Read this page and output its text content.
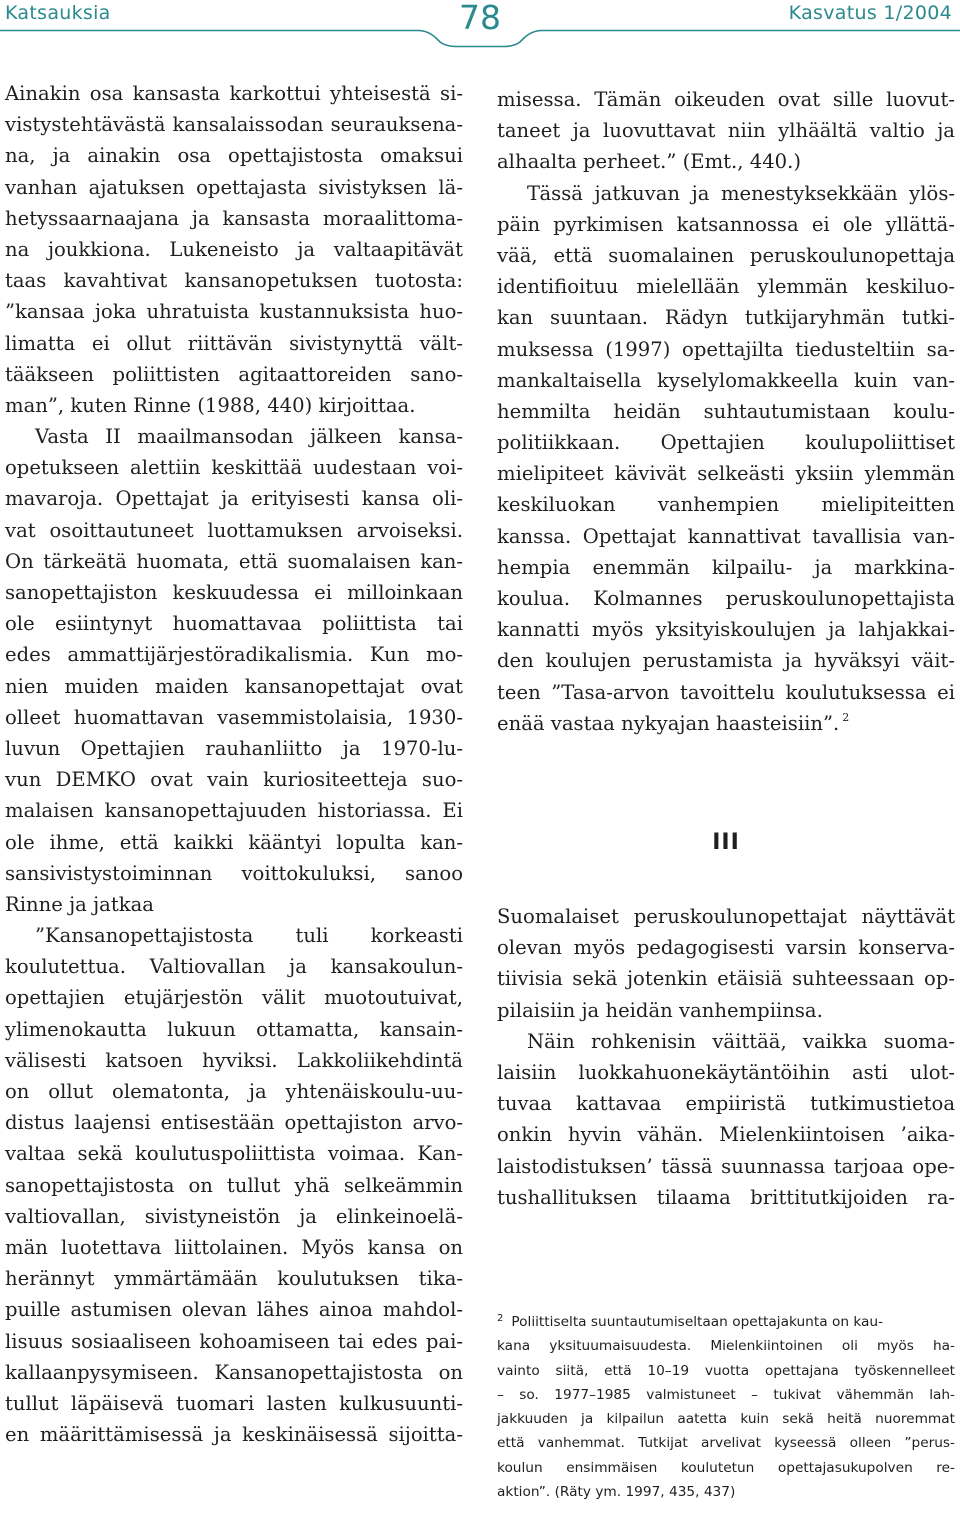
Katsauksia	78	Kasvatus 1/2004
Ainakin osa kansasta karkottui yhteisestä si-
vistystehtävästä kansalaissodan seurauksena-
na, ja ainakin osa opettajistosta omaksui
vanhan ajatuksen opettajasta sivistyksen lä-
hetyssaarnaajana ja kansasta moraalittoma-
na joukkiona. Lukeneisto ja valtaapitävät
taas kavahtivat kansanopetuksen tuotosta:
”kansaa joka uhratuista kustannuksista huo-
limatta ei ollut riittävän sivistynyttä vält-
tääkseen poliittisten agitaattoreiden sano-
man”, kuten Rinne (1988, 440) kirjoittaa.
Vasta II maailmansodan jälkeen kansa-
opetukseen alettiin keskittää uudestaan voi-
mavaroja. Opettajat ja erityisesti kansa oli-
vat osoittautuneet luottamuksen arvoiseksi.
On tärkeätä huomata, että suomalaisen kan-
sanopettajiston keskuudessa ei milloinkaan
ole esiintynyt huomattavaa poliittista tai
edes ammattijärjestöradikalismia. Kun mo-
nien muiden maiden kansanopettajat ovat
olleet huomattavan vasemmistolaisia, 1930-
luvun Opettajien rauhanliitto ja 1970-lu-
vun DEMKO ovat vain kuriositeetteja suo-
malaisen kansanopettajuuden historiassa. Ei
ole ihme, että kaikki kääntyi lopulta kan-
sansivistystoiminnan voittokuluksi, sanoo
Rinne ja jatkaa
”Kansanopettajistosta tuli korkeasti
koulutettua. Valtiovallan ja kansakoulun-
opettajien etujärjestön välit muotoutuivat,
ylimenokautta lukuun ottamatta, kansain-
välisesti katsoen hyviksi. Lakkoliikehdintä
on ollut olematonta, ja yhtenäiskoulu-uu-
distus laajensi entisestään opettajiston arvo-
valtaa sekä koulutuspoliittista voimaa. Kan-
sanopettajistosta on tullut yhä selkeämmin
valtiovallan, sivistyneistön ja elinkeinoelä-
män luotettava liittolainen. Myös kansa on
herännyt ymmärtämään koulutuksen tika-
puille astumisen olevan lähes ainoa mahdol-
lisuus sosiaaliseen kohoamiseen tai edes pai-
kallaanpysymiseen. Kansanopettajistosta on
tullut läpäisevä tuomari lasten kulkusuunti-
en määrittämisessä ja keskinäisessä sijoitta-
misessa. Tämän oikeuden ovat sille luovut-
taneet ja luovuttavat niin ylhäältä valtio ja
alhaalta perheet.” (Emt., 440.)
Tässä jatkuvan ja menestyksekkään ylös-
päin pyrkimisen katsannossa ei ole yllättä-
vää, että suomalainen peruskoulunopettaja
identifioituu mielellään ylemmän keskiluo-
kan suuntaan. Rädyn tutkijaryhmän tutki-
muksessa (1997) opettajilta tiedusteltiin sa-
mankaltaisella kyselylomakkeella kuin van-
hemmilta heidän suhtautumistaan koulu-
politiikkaan. Opettajien koulupoliittiset
mielipiteet kävivät selkeästi yksiin ylemmän
keskiluokan vanhempien mielipiteitten
kanssa. Opettajat kannattivat tavallisia van-
hempia enemmän kilpailu- ja markkina-
koulua. Kolmannes peruskoulunopettajista
kannatti myös yksityiskoulujen ja lahjakkai-
den koulujen perustamista ja hyväksyi väit-
teen ”Tasa-arvon tavoittelu koulutuksessa ei
enää vastaa nykyajan haasteisiin”. $^2$
III
Suomalaiset peruskoulunopettajat näyttävät
olevan myös pedagogisesti varsin konserva-
tiivisia sekä jotenkin etäisiä suhteessaan op-
pilaisiin ja heidän vanhempiinsa.
Näin rohkenisin väittää, vaikka suoma-
laisiin luokkahuonekäytäntöihin asti ulot-
tuvaa kattavaa empiiristä tutkimustietoa
onkin hyvin vähän. Mielenkiintoisen ’aika-
laistodistuksen’ tässä suunnassa tarjoaa ope-
tushallituksen tilaama brittitutkijoiden ra-
$^2$ Poliittiselta suuntautumiseltaan opettajakunta on kau-
kana yksituumaisuudesta. Mielenkiintoinen oli myös ha-
vainto siitä, että 10–19 vuotta opettajana työskennelleet
– so. 1977–1985 valmistuneet – tukivat vähemmän lah-
jakkuuden ja kilpailun aatetta kuin sekä heitä nuoremmat
että vanhemmat. Tutkijat arvelivat kyseessä olleen ”perus-
koulun ensimmäisen koulutetun opettajasukupolven re-
aktion”. (Räty ym. 1997, 435, 437)
